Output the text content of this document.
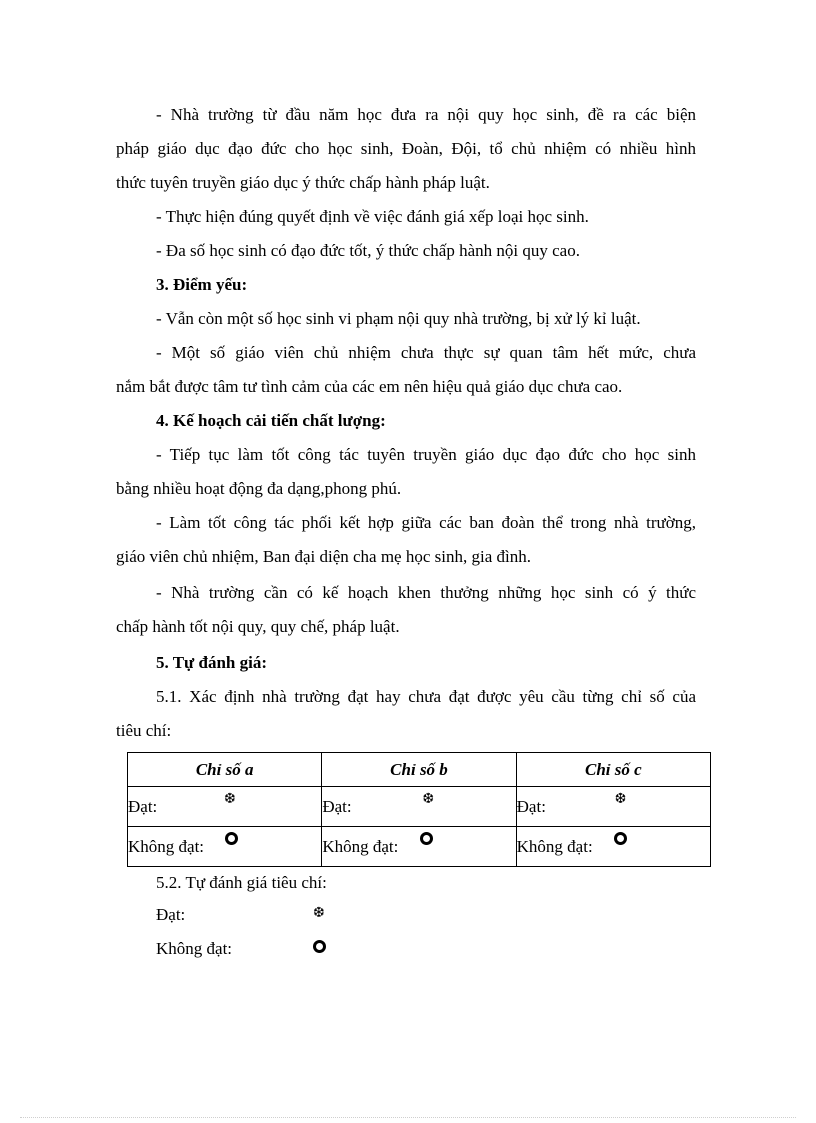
- Nhà trường từ đầu năm học đưa ra nội quy học sinh, đề ra các biện

pháp giáo dục đạo đức cho học sinh, Đoàn, Đội, tổ chủ nhiệm có nhiều hình

thức tuyên truyền giáo dục ý thức chấp hành pháp luật.

- Thực hiện đúng quyết định về việc đánh giá xếp loại học sinh.

- Đa số học sinh có đạo đức tốt, ý thức chấp hành nội quy cao.

3. Điểm yếu:

- Vẫn còn một số học sinh vi phạm nội quy nhà trường, bị xử lý kỉ luật.

- Một số giáo viên chủ nhiệm chưa thực sự quan tâm hết mức, chưa

nắm bắt được tâm tư tình cảm của các em nên hiệu quả giáo dục chưa cao.

4. Kế hoạch cải tiến chất lượng:

- Tiếp tục làm tốt công tác tuyên truyền giáo dục đạo đức cho học sinh

bằng nhiều hoạt động đa dạng,phong phú.

- Làm tốt công tác phối kết hợp giữa các ban đoàn thể trong nhà trường,

giáo viên chủ nhiệm, Ban đại diện cha mẹ học sinh, gia đình.

- Nhà trường cần có kế hoạch khen thưởng những học sinh có ý thức

chấp hành tốt nội quy, quy chế, pháp luật.

5. Tự đánh giá:

5.1. Xác định nhà trường đạt hay chưa đạt được yêu cầu từng chỉ số của

tiêu chí:

Chỉ số a	Chỉ số b	Chỉ số c

Đạt: ❆	Đạt: ❆	Đạt: ❆

Không đạt:	Không đạt:	Không đạt:

5.2. Tự đánh giá tiêu chí:

Đạt:	❆

Không đạt:
